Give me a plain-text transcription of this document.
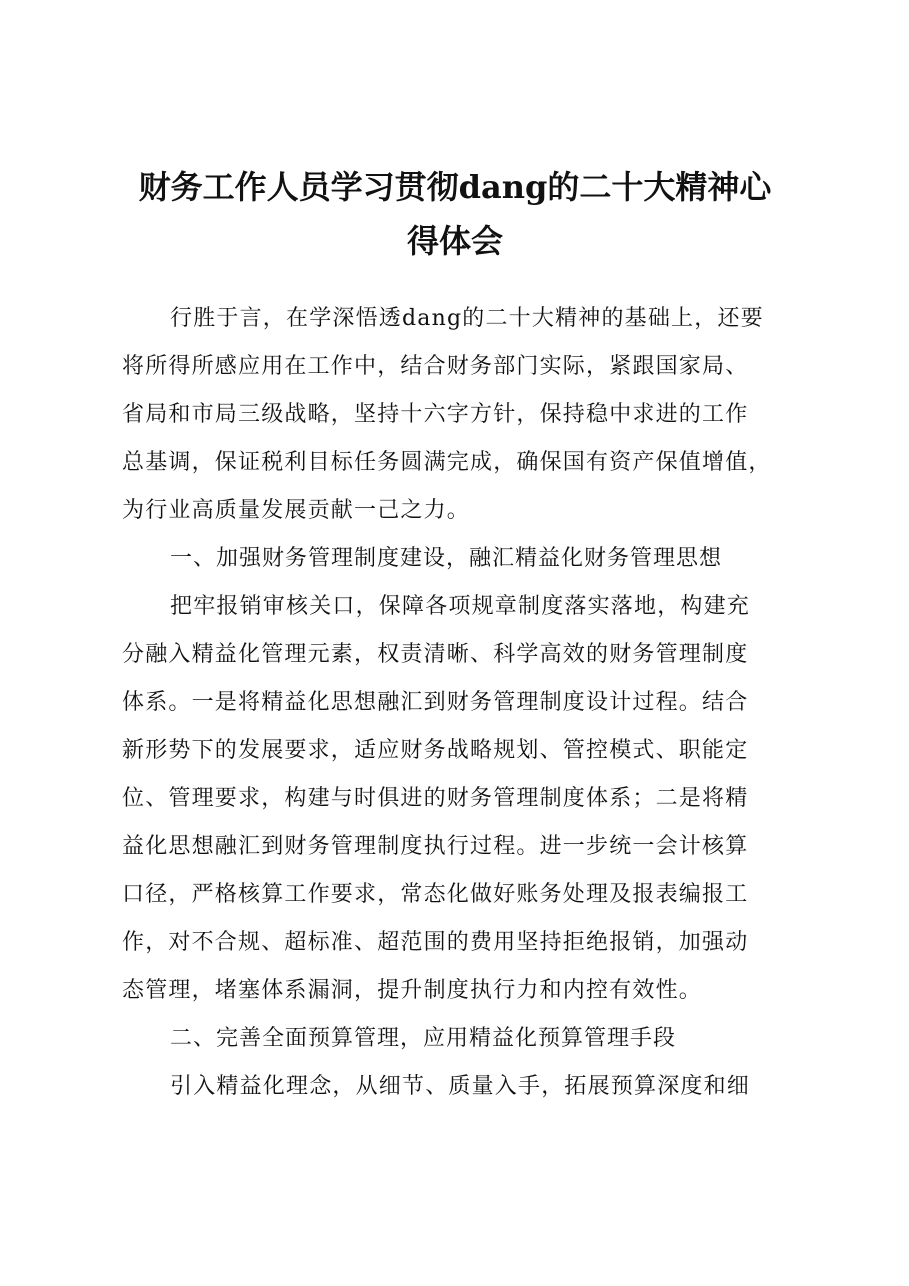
财务工作人员学习贯彻dang的二十大精神心
得体会
行胜于言，在学深悟透dang的二十大精神的基础上，还要
将所得所感应用在工作中，结合财务部门实际，紧跟国家局、
省局和市局三级战略，坚持十六字方针，保持稳中求进的工作
总基调，保证税利目标任务圆满完成，确保国有资产保值增值，
为行业高质量发展贡献一己之力。
一、加强财务管理制度建设，融汇精益化财务管理思想
把牢报销审核关口，保障各项规章制度落实落地，构建充
分融入精益化管理元素，权责清晰、科学高效的财务管理制度
体系。一是将精益化思想融汇到财务管理制度设计过程。结合
新形势下的发展要求，适应财务战略规划、管控模式、职能定
位、管理要求，构建与时俱进的财务管理制度体系；二是将精
益化思想融汇到财务管理制度执行过程。进一步统一会计核算
口径，严格核算工作要求，常态化做好账务处理及报表编报工
作，对不合规、超标准、超范围的费用坚持拒绝报销，加强动
态管理，堵塞体系漏洞，提升制度执行力和内控有效性。
二、完善全面预算管理，应用精益化预算管理手段
引入精益化理念，从细节、质量入手，拓展预算深度和细
